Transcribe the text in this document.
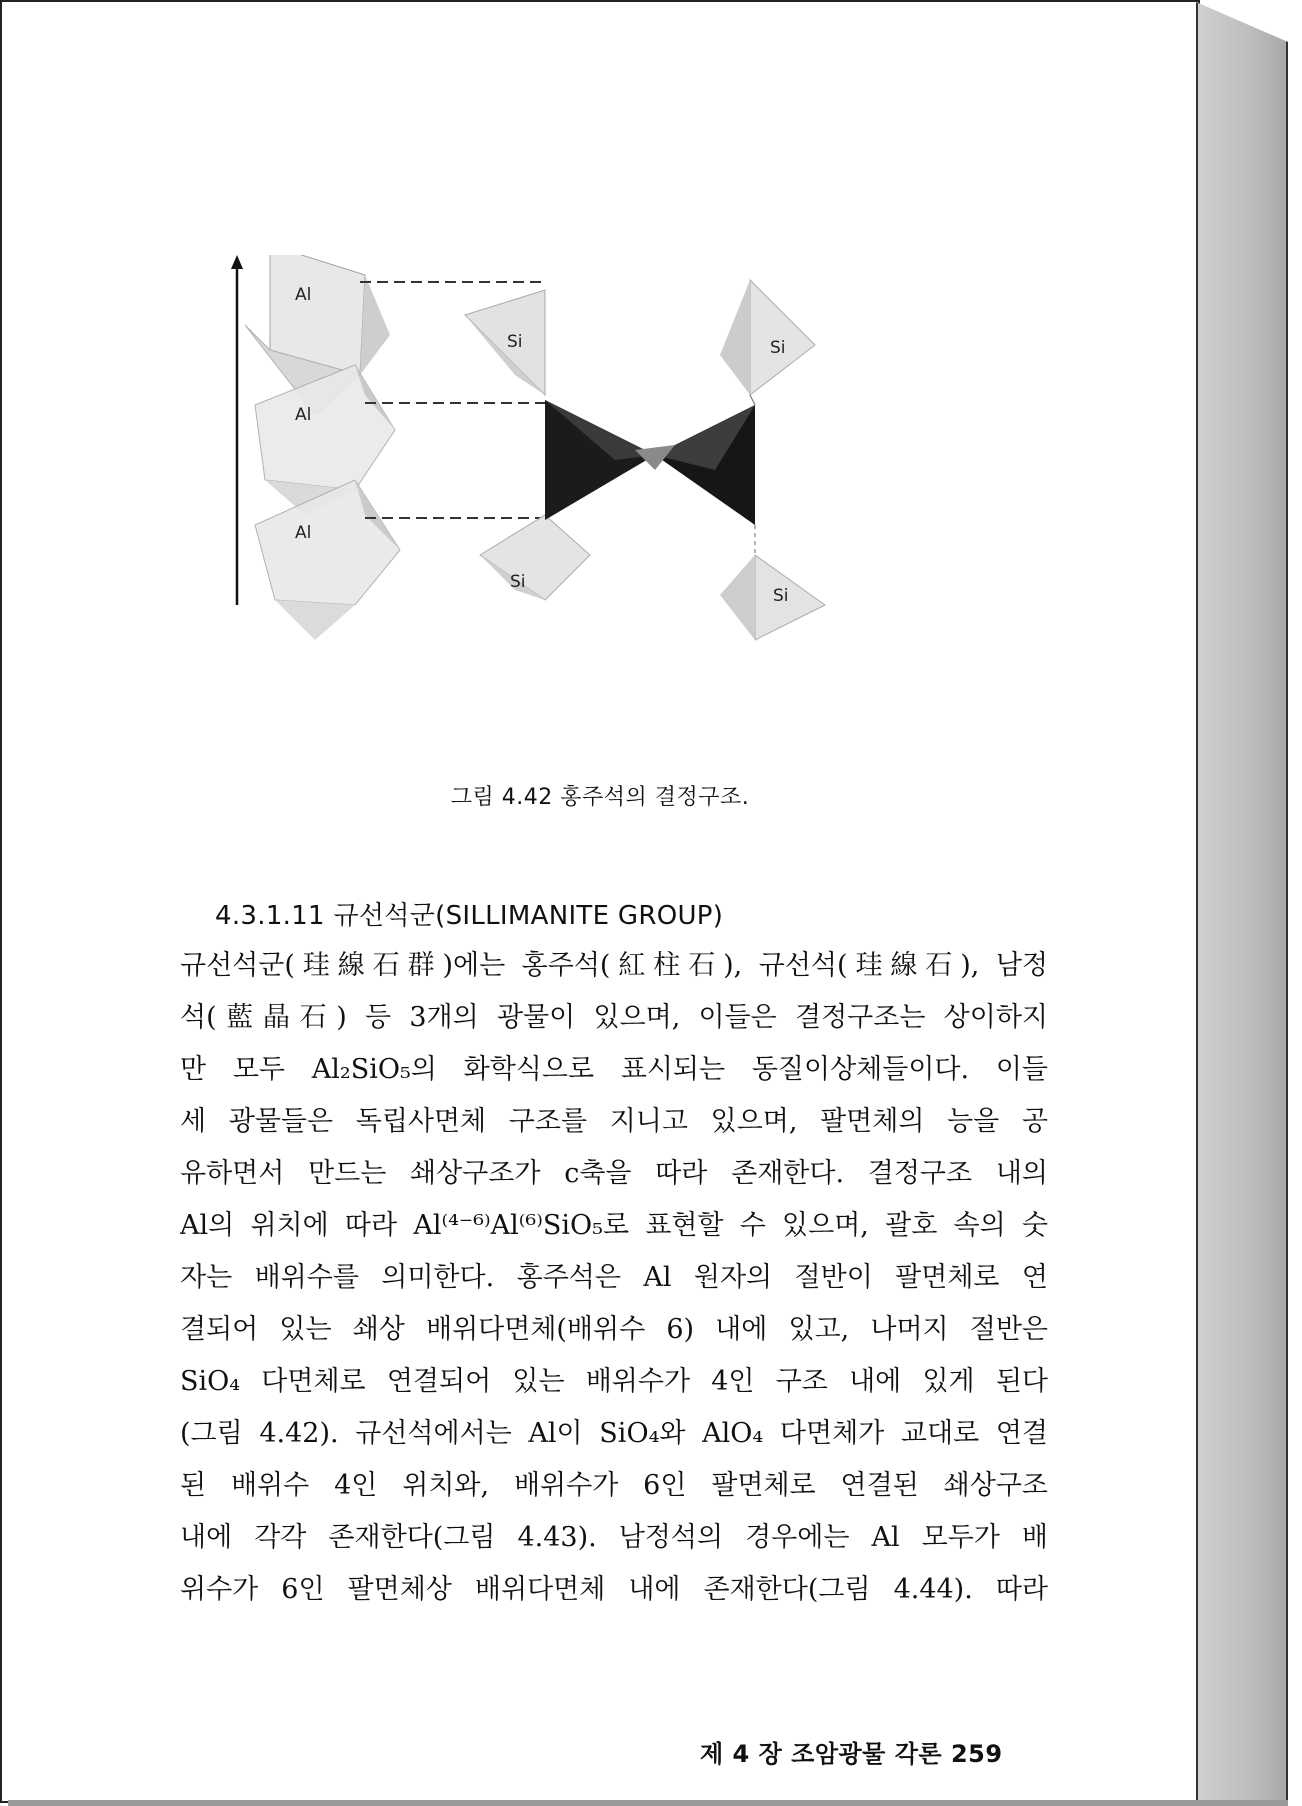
Al
Al
Al
Si	Si
Si
Si
그림 4.42 홍주석의 결정구조.
4.3.1.11 규선석군(SILLIMANITE GROUP)
규선석군(珪線石群)에는 홍주석(紅柱石), 규선석(珪線石), 남정
석(藍晶石) 등 3개의 광물이 있으며, 이들은 결정구조는 상이하지
만 모두 Al₂SiO₅의 화학식으로 표시되는 동질이상체들이다. 이들
세 광물들은 독립사면체 구조를 지니고 있으며, 팔면체의 능을 공
유하면서 만드는 쇄상구조가 c축을 따라 존재한다. 결정구조 내의
Al의 위치에 따라 Al⁽⁴⁻⁶⁾Al⁽⁶⁾SiO₅로 표현할 수 있으며, 괄호 속의 숫
자는 배위수를 의미한다. 홍주석은 Al 원자의 절반이 팔면체로 연
결되어 있는 쇄상 배위다면체(배위수 6) 내에 있고, 나머지 절반은
SiO₄ 다면체로 연결되어 있는 배위수가 4인 구조 내에 있게 된다
(그림 4.42). 규선석에서는 Al이 SiO₄와 AlO₄ 다면체가 교대로 연결
된 배위수 4인 위치와, 배위수가 6인 팔면체로 연결된 쇄상구조
내에 각각 존재한다(그림 4.43). 남정석의 경우에는 Al 모두가 배
위수가 6인 팔면체상 배위다면체 내에 존재한다(그림 4.44). 따라
제 4 장 조암광물 각론 259
